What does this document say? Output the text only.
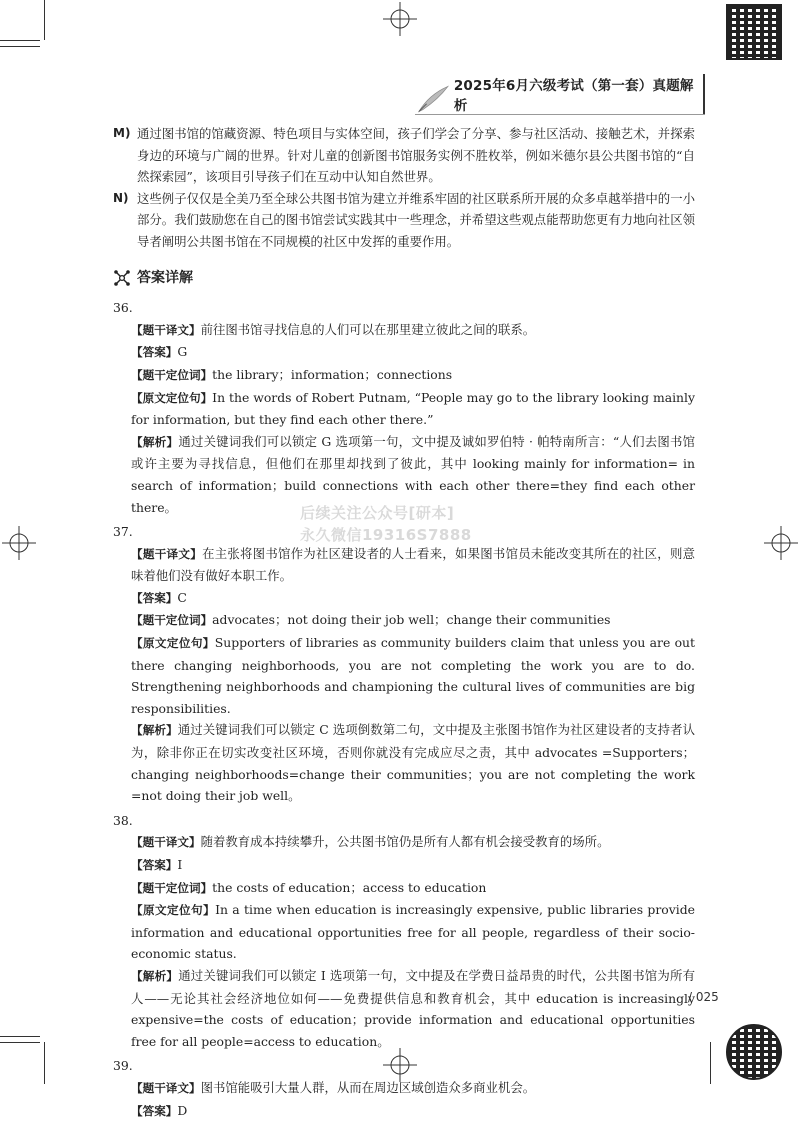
2025年6月六级考试（第一套）真题解析

M) 通过图书馆的馆藏资源、特色项目与实体空间，孩子们学会了分享、参与社区活动、接触艺术，并探索身边的环境与广阔的世界。针对儿童的创新图书馆服务实例不胜枚举，例如米德尔县公共图书馆的“自然探索园”，该项目引导孩子们在互动中认知自然世界。

N) 这些例子仅仅是全美乃至全球公共图书馆为建立并维系牢固的社区联系所开展的众多卓越举措中的一小部分。我们鼓励您在自己的图书馆尝试实践其中一些理念，并希望这些观点能帮助您更有力地向社区领导者阐明公共图书馆在不同规模的社区中发挥的重要作用。

答案详解
36.
【题干译文】前往图书馆寻找信息的人们可以在那里建立彼此之间的联系。
【答案】G
【题干定位词】the library；information；connections
【原文定位句】In the words of Robert Putnam, “People may go to the library looking mainly for information, but they find each other there.”
【解析】通过关键词我们可以锁定 G 选项第一句，文中提及诚如罗伯特 · 帕特南所言：“人们去图书馆或许主要为寻找信息，但他们在那里却找到了彼此，其中 looking mainly for information= in search of information；build connections with each other there=they find each other there。
37.
【题干译文】在主张将图书馆作为社区建设者的人士看来，如果图书馆员未能改变其所在的社区，则意味着他们没有做好本职工作。
【答案】C
【题干定位词】advocates；not doing their job well；change their communities
【原文定位句】Supporters of libraries as community builders claim that unless you are out there changing neighborhoods, you are not completing the work you are to do. Strengthening neighborhoods and championing the cultural lives of communities are big responsibilities.
【解析】通过关键词我们可以锁定 C 选项倒数第二句，文中提及主张图书馆作为社区建设者的支持者认为，除非你正在切实改变社区环境，否则你就没有完成应尽之责，其中 advocates =Supporters；changing neighborhoods=change their communities；you are not completing the work =not doing their job well。
38.
【题干译文】随着教育成本持续攀升，公共图书馆仍是所有人都有机会接受教育的场所。
【答案】I
【题干定位词】the costs of education；access to education
【原文定位句】In a time when education is increasingly expensive, public libraries provide information and educational opportunities free for all people, regardless of their socio-economic status.
【解析】通过关键词我们可以锁定 I 选项第一句，文中提及在学费日益昂贵的时代，公共图书馆为所有人——无论其社会经济地位如何——免费提供信息和教育机会，其中 education is increasingly expensive=the costs of education；provide information and educational opportunities free for all people=access to education。
39.
【题干译文】图书馆能吸引大量人群，从而在周边区域创造众多商业机会。
【答案】D
后续关注公众号[研本]
永久微信19316S7888
/ 025
